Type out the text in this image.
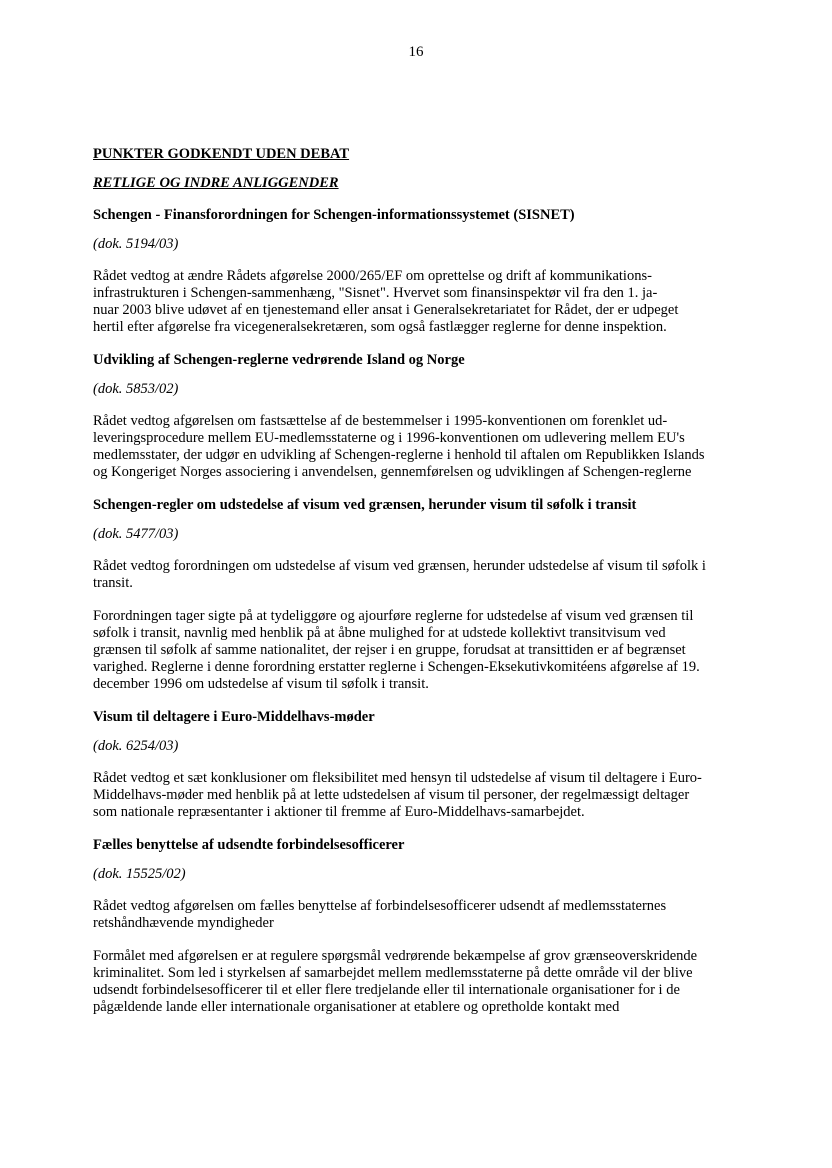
16
PUNKTER GODKENDT UDEN DEBAT
RETLIGE OG INDRE ANLIGGENDER
Schengen - Finansforordningen for Schengen-informationssystemet (SISNET)
(dok. 5194/03)
Rådet vedtog at ændre Rådets afgørelse 2000/265/EF om oprettelse og drift af kommunikations-
infrastrukturen i Schengen-sammenhæng, "Sisnet". Hvervet som finansinspektør vil fra den 1. ja-
nuar 2003 blive udøvet af en tjenestemand eller ansat i Generalsekretariatet for Rådet, der er udpeget
hertil efter afgørelse fra vicegeneralsekretæren, som også fastlægger reglerne for denne inspektion.
Udvikling af Schengen-reglerne vedrørende Island og Norge
(dok. 5853/02)
Rådet vedtog afgørelsen om fastsættelse af de bestemmelser i 1995-konventionen om forenklet ud-
leveringsprocedure mellem EU-medlemsstaterne og i 1996-konventionen om udlevering mellem EU's
medlemsstater, der udgør en udvikling af Schengen-reglerne i henhold til aftalen om Republikken Islands
og Kongeriget Norges associering i anvendelsen, gennemførelsen og udviklingen af Schengen-reglerne
Schengen-regler om udstedelse af visum ved grænsen, herunder visum til søfolk i transit
(dok. 5477/03)
Rådet vedtog forordningen om udstedelse af visum ved grænsen, herunder udstedelse af visum til søfolk i
transit.
Forordningen tager sigte på at tydeliggøre og ajourføre reglerne for udstedelse af visum ved grænsen til
søfolk i transit, navnlig med henblik på at åbne mulighed for at udstede kollektivt transitvisum ved
grænsen til søfolk af samme nationalitet, der rejser i en gruppe, forudsat at transittiden er af begrænset
varighed. Reglerne i denne forordning erstatter reglerne i Schengen-Eksekutivkomitéens afgørelse af 19.
december 1996 om udstedelse af visum til søfolk i transit.
Visum til deltagere i Euro-Middelhavs-møder
(dok. 6254/03)
Rådet vedtog et sæt konklusioner om fleksibilitet med hensyn til udstedelse af visum til deltagere i Euro-
Middelhavs-møder med henblik på at lette udstedelsen af visum til personer, der regelmæssigt deltager
som nationale repræsentanter i aktioner til fremme af Euro-Middelhavs-samarbejdet.
Fælles benyttelse af udsendte forbindelsesofficerer
(dok. 15525/02)
Rådet vedtog afgørelsen om fælles benyttelse af forbindelsesofficerer udsendt af medlemsstaternes
retshåndhævende myndigheder
Formålet med afgørelsen er at regulere spørgsmål vedrørende bekæmpelse af grov grænseoverskridende
kriminalitet. Som led i styrkelsen af samarbejdet mellem medlemsstaterne på dette område vil der blive
udsendt forbindelsesofficerer til et eller flere tredjelande eller til internationale organisationer for i de
pågældende lande eller internationale organisationer at etablere og opretholde kontakt med
